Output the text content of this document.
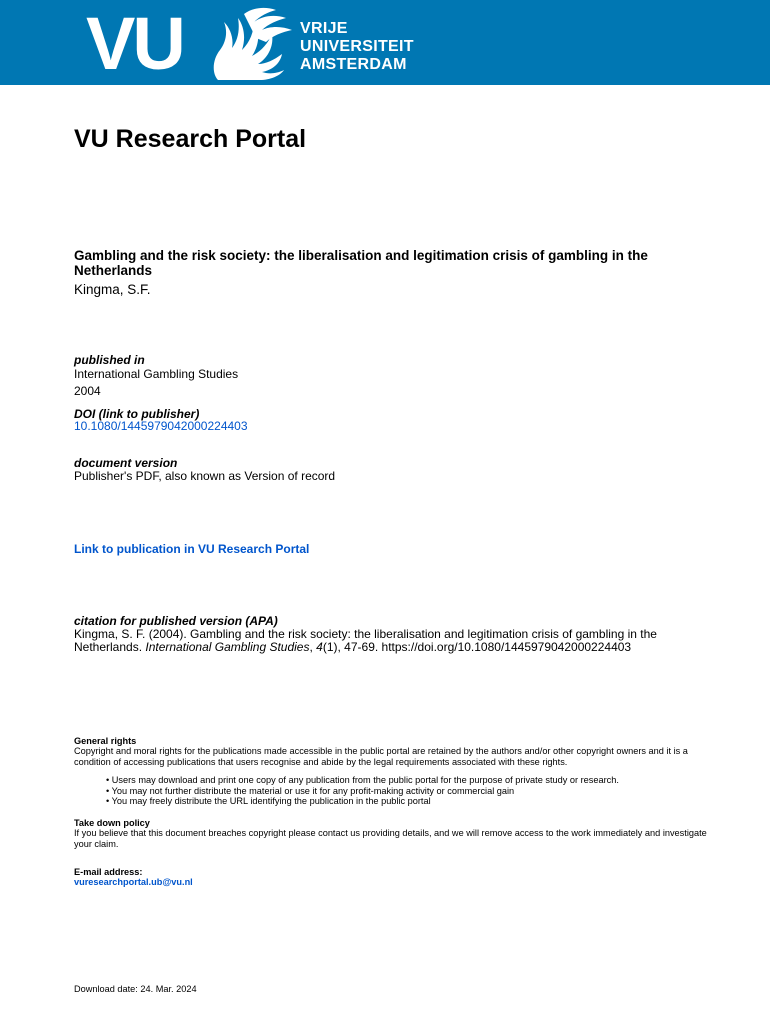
VU	VRIJE
UNIVERSITEIT
AMSTERDAM
VU Research Portal
Gambling and the risk society: the liberalisation and legitimation crisis of gambling in the Netherlands
Kingma, S.F.
published in
International Gambling Studies
2004
DOI (link to publisher)
10.1080/1445979042000224403
document version
Publisher's PDF, also known as Version of record
Link to publication in VU Research Portal
citation for published version (APA)
Kingma, S. F. (2004). Gambling and the risk society: the liberalisation and legitimation crisis of gambling in the
Netherlands. International Gambling Studies, 4(1), 47-69. https://doi.org/10.1080/1445979042000224403
General rights
Copyright and moral rights for the publications made accessible in the public portal are retained by the authors and/or other copyright owners and it is a condition of accessing publications that users recognise and abide by the legal requirements associated with these rights.
• Users may download and print one copy of any publication from the public portal for the purpose of private study or research.
• You may not further distribute the material or use it for any profit-making activity or commercial gain
• You may freely distribute the URL identifying the publication in the public portal
Take down policy
If you believe that this document breaches copyright please contact us providing details, and we will remove access to the work immediately and investigate your claim.
E-mail address:
vuresearchportal.ub@vu.nl
Download date: 24. Mar. 2024
